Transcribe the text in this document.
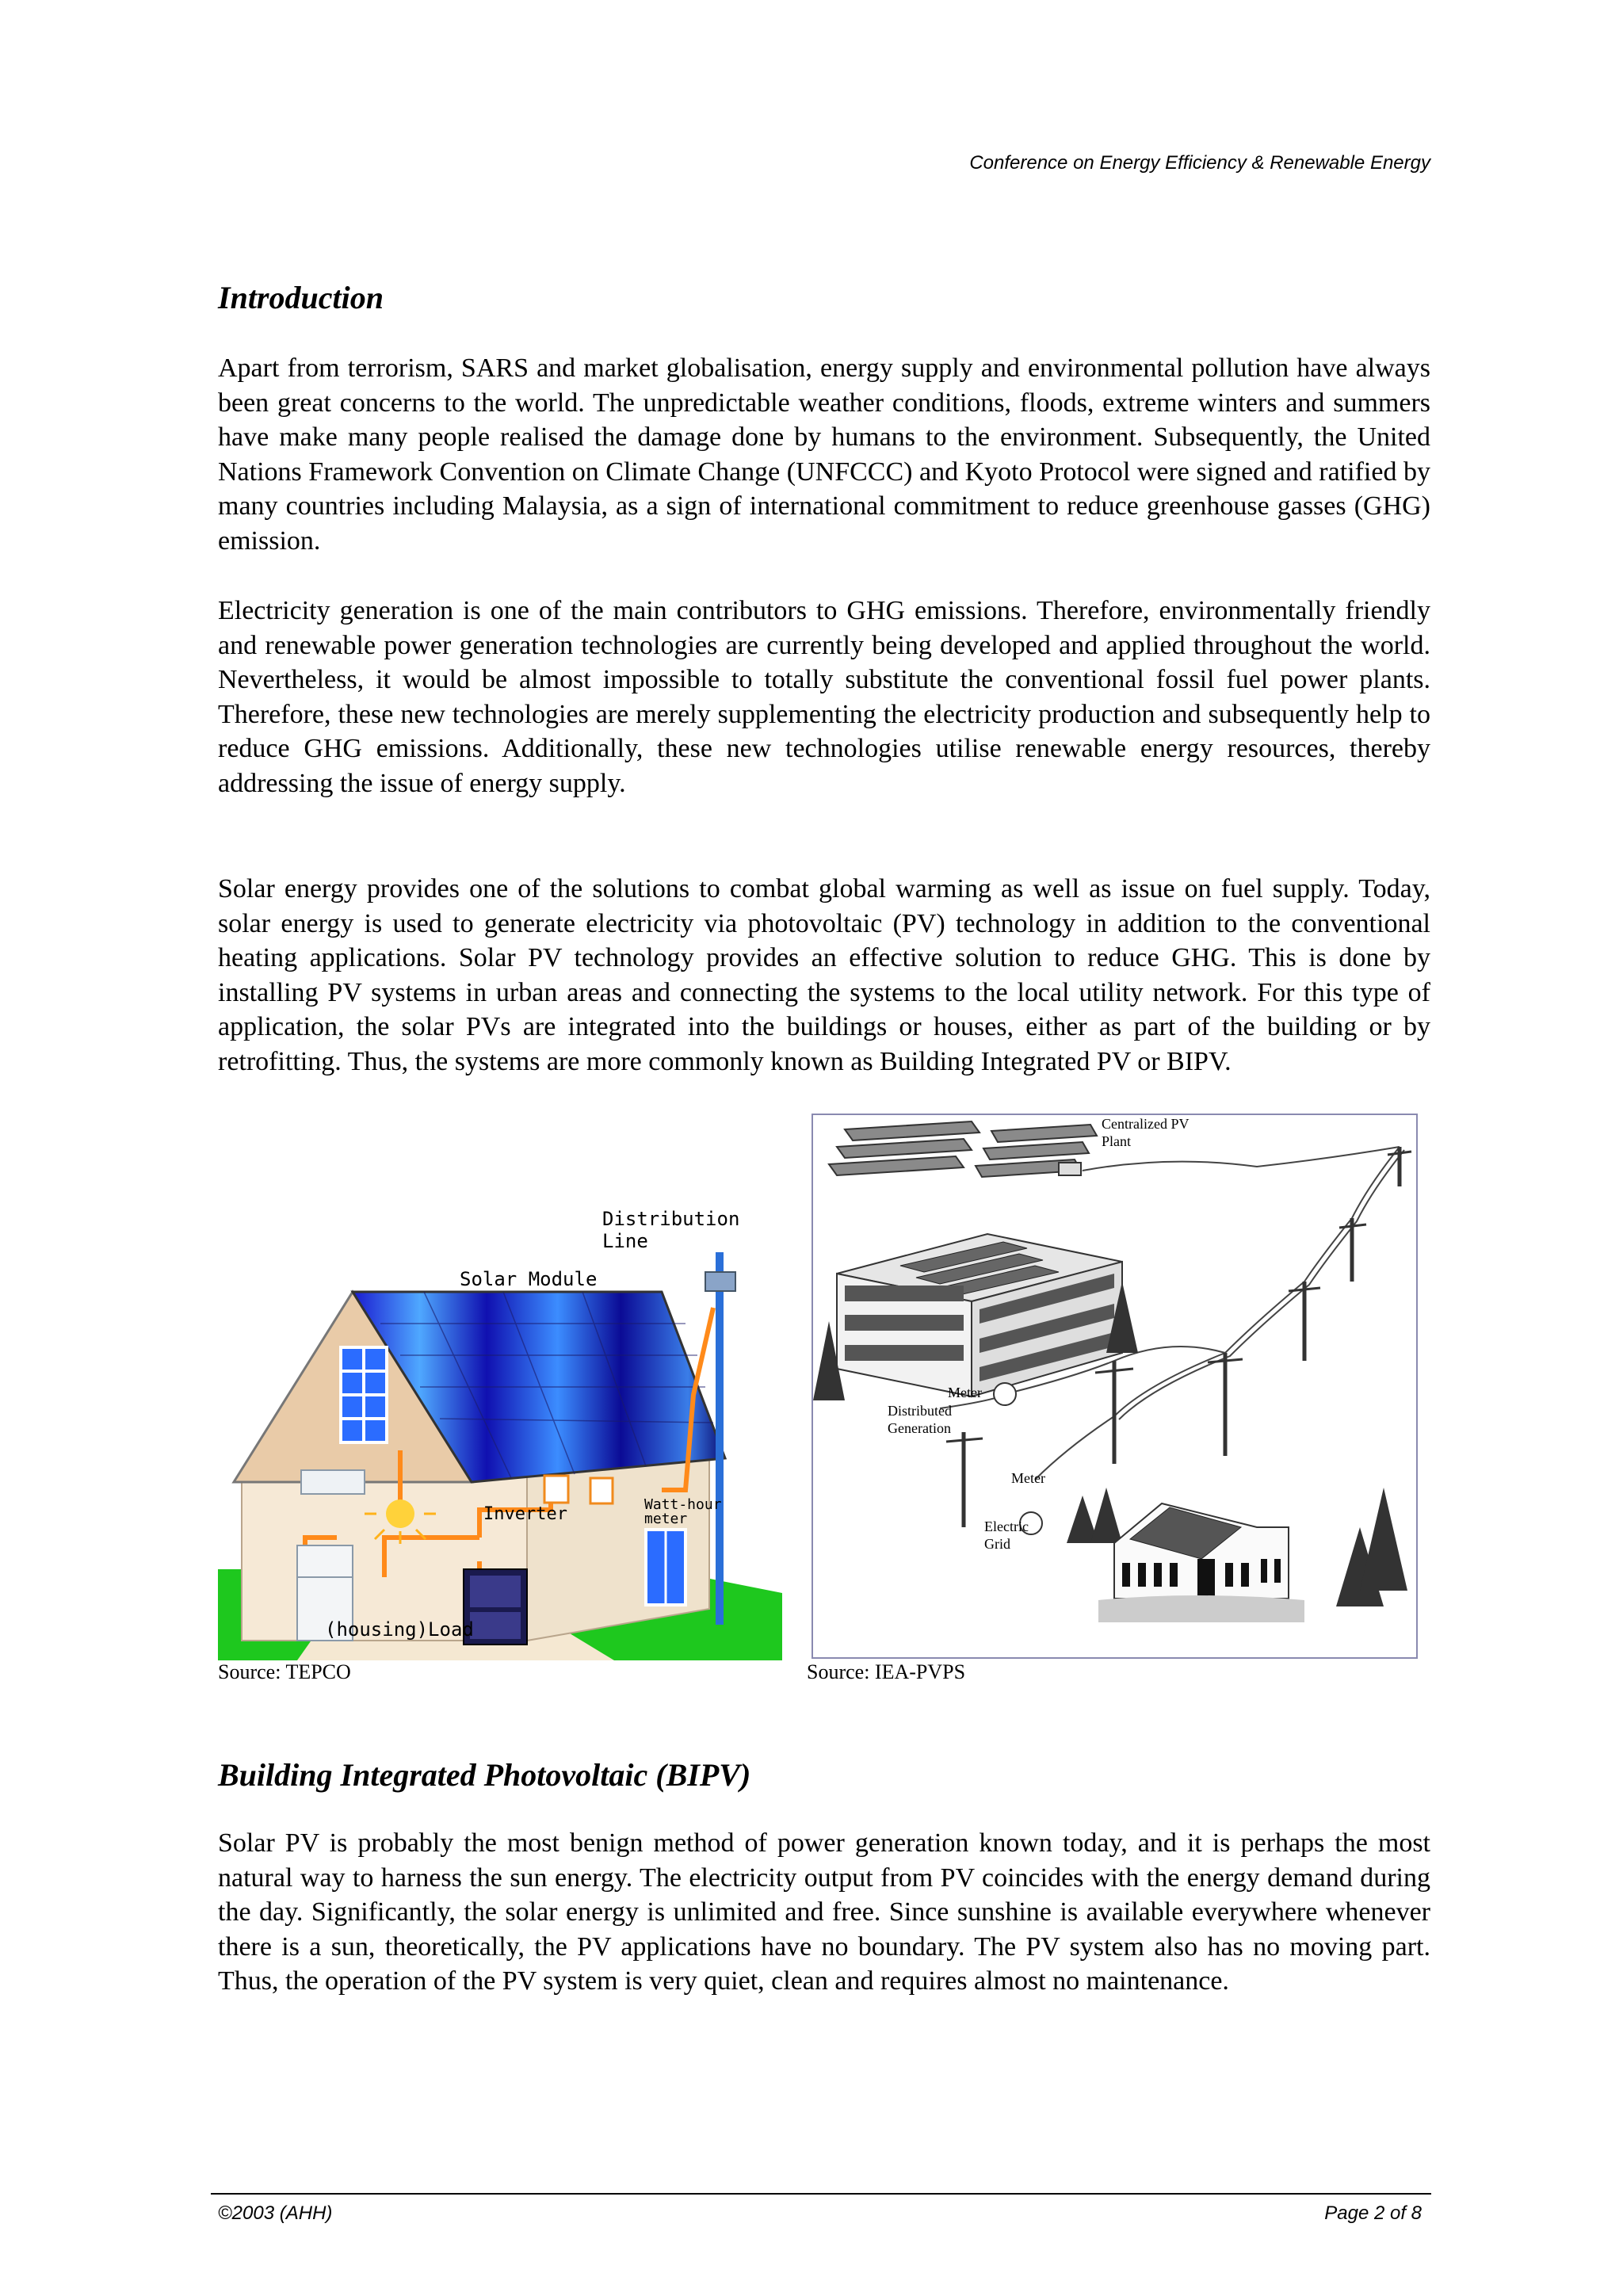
Conference on Energy Efficiency & Renewable Energy
Introduction

Apart from terrorism, SARS and market globalisation, energy supply and environmental pollution have always been great concerns to the world. The unpredictable weather conditions, floods, extreme winters and summers have make many people realised the damage done by humans to the environment. Subsequently, the United Nations Framework Convention on Climate Change (UNFCCC) and Kyoto Protocol were signed and ratified by many countries including Malaysia, as a sign of international commitment to reduce greenhouse gasses (GHG) emission.

Electricity generation is one of the main contributors to GHG emissions. Therefore, environmentally friendly and renewable power generation technologies are currently being developed and applied throughout the world. Nevertheless, it would be almost impossible to totally substitute the conventional fossil fuel power plants. Therefore, these new technologies are merely supplementing the electricity production and subsequently help to reduce GHG emissions. Additionally, these new technologies utilise renewable energy resources, thereby addressing the issue of energy supply.

Solar energy provides one of the solutions to combat global warming as well as issue on fuel supply. Today, solar energy is used to generate electricity via photovoltaic (PV) technology in addition to the conventional heating applications. Solar PV technology provides an effective solution to reduce GHG. This is done by installing PV systems in urban areas and connecting the systems to the local utility network. For this type of application, the solar PVs are integrated into the buildings or houses, either as part of the building or by retrofitting. Thus, the systems are more commonly known as Building Integrated PV or BIPV.

Distribution Line
Solar Module
Inverter	Watt-hour
meter
(housing)Load
Centralized PV
Plant
Meter
Distributed
Generation
Meter
Electric
Grid
Source: TEPCO	Source: IEA-PVPS
Building Integrated Photovoltaic (BIPV)

Solar PV is probably the most benign method of power generation known today, and it is perhaps the most natural way to harness the sun energy. The electricity output from PV coincides with the energy demand during the day. Significantly, the solar energy is unlimited and free. Since sunshine is available everywhere whenever there is a sun, theoretically, the PV applications have no boundary. The PV system also has no moving part. Thus, the operation of the PV system is very quiet, clean and requires almost no maintenance.

©2003 (AHH)	Page 2 of 8
